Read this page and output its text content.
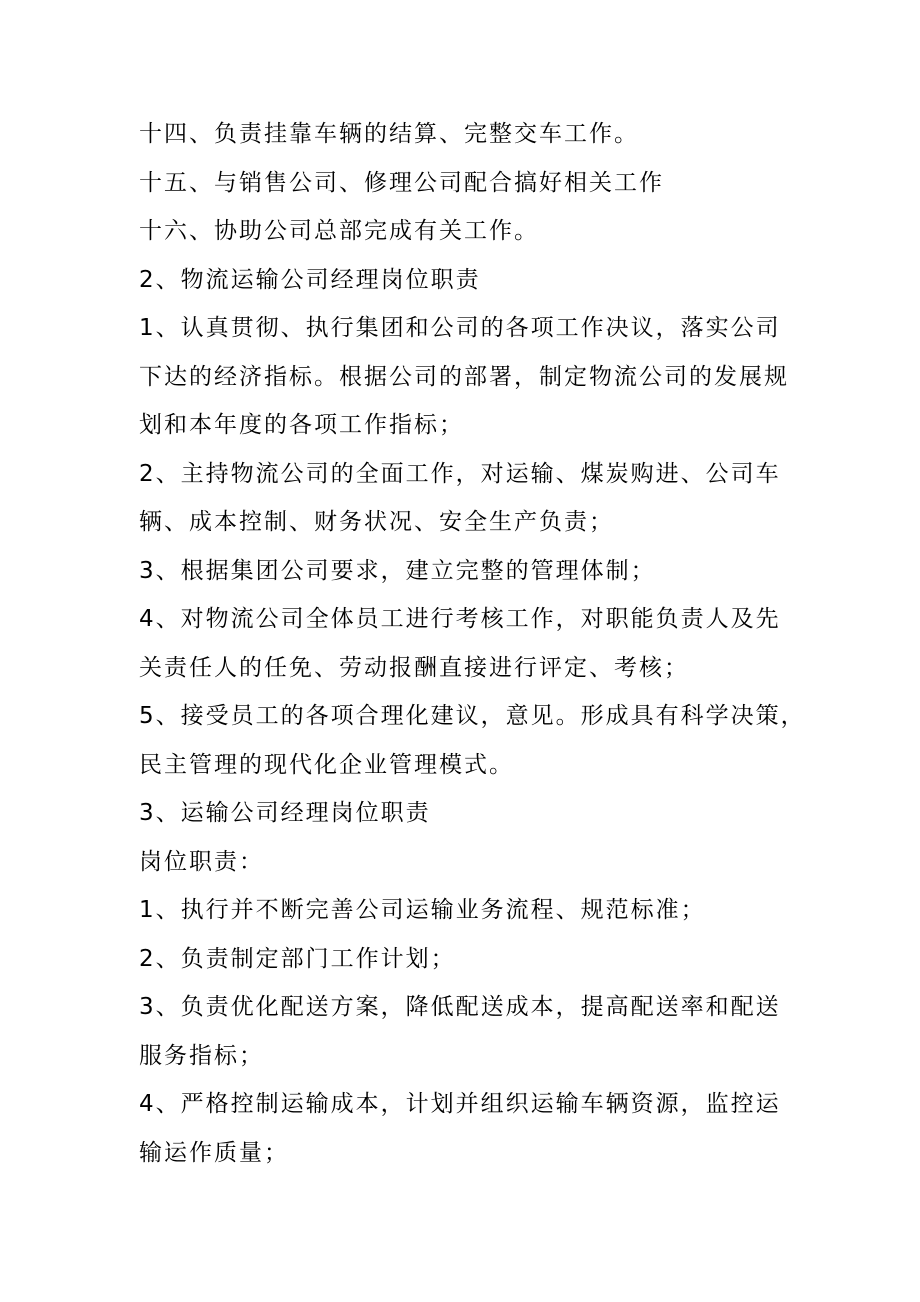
十四、负责挂靠车辆的结算、完整交车工作。
十五、与销售公司、修理公司配合搞好相关工作
十六、协助公司总部完成有关工作。
2、物流运输公司经理岗位职责
1、认真贯彻、执行集团和公司的各项工作决议，落实公司
下达的经济指标。根据公司的部署，制定物流公司的发展规
划和本年度的各项工作指标；
2、主持物流公司的全面工作，对运输、煤炭购进、公司车
辆、成本控制、财务状况、安全生产负责；
3、根据集团公司要求，建立完整的管理体制；
4、对物流公司全体员工进行考核工作，对职能负责人及先
关责任人的任免、劳动报酬直接进行评定、考核；
5、接受员工的各项合理化建议，意见。形成具有科学决策，
民主管理的现代化企业管理模式。
3、运输公司经理岗位职责
岗位职责：
1、执行并不断完善公司运输业务流程、规范标准；
2、负责制定部门工作计划；
3、负责优化配送方案，降低配送成本，提高配送率和配送
服务指标；
4、严格控制运输成本，计划并组织运输车辆资源，监控运
输运作质量；
